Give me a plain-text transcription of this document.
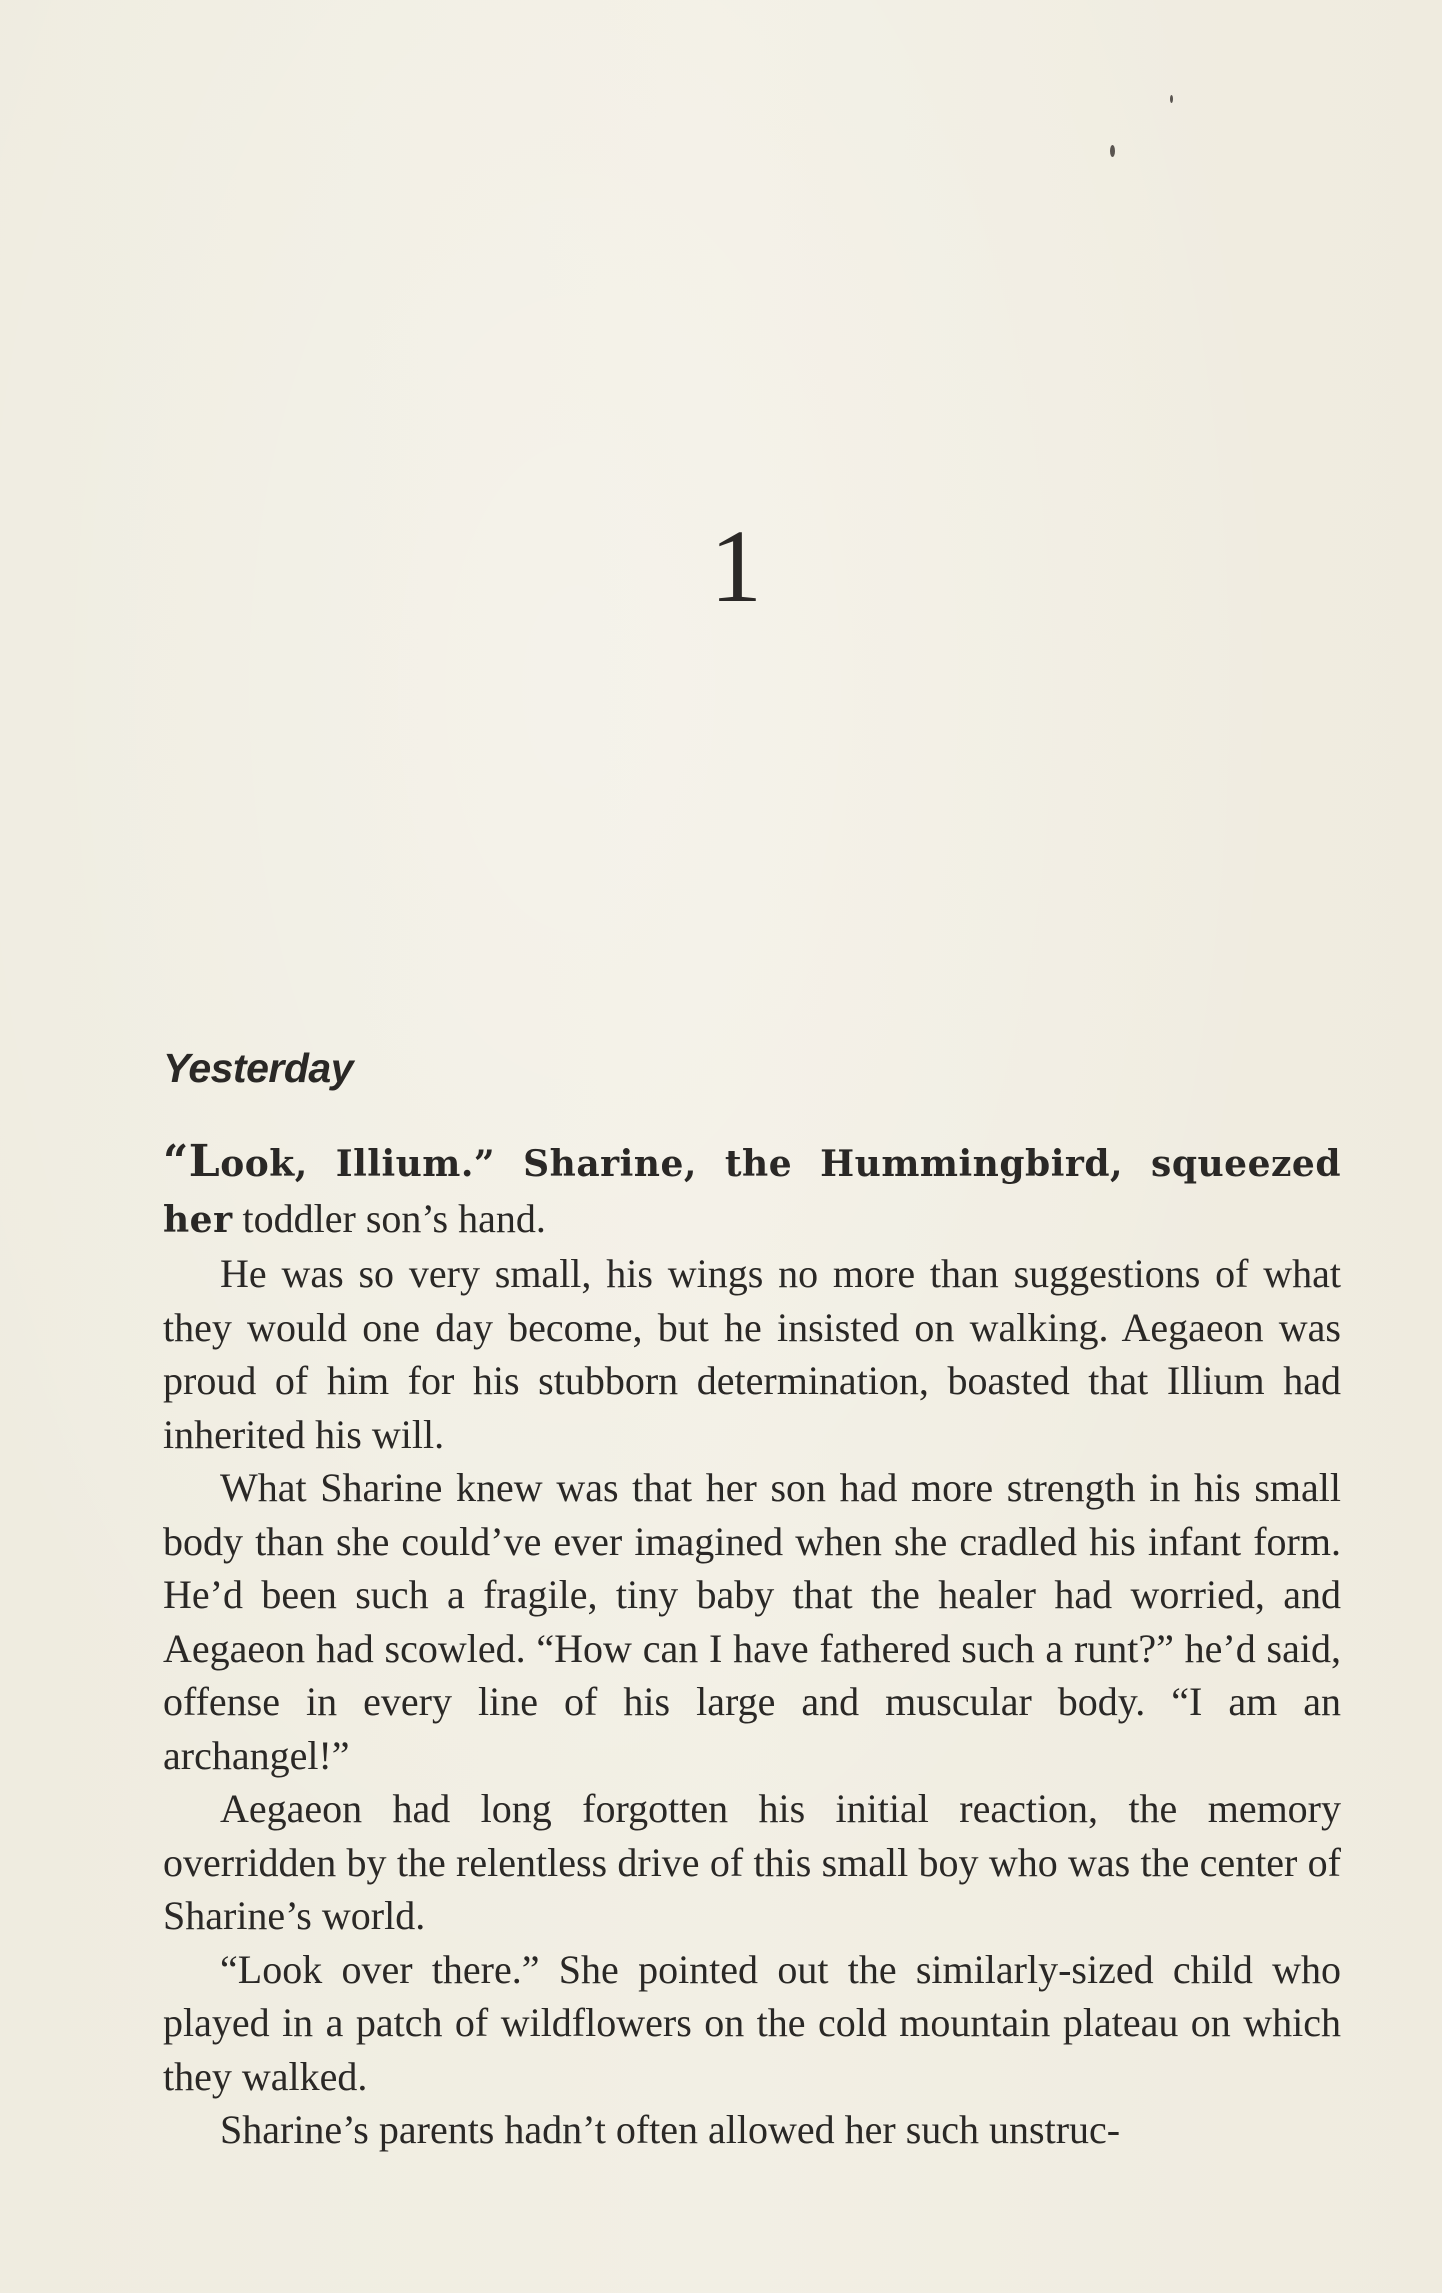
1
Yesterday

“Look, Illium.” Sharine, the Hummingbird, squeezed her toddler son’s hand.

He was so very small, his wings no more than suggestions of what they would one day become, but he insisted on walking. Aegaeon was proud of him for his stubborn determination, boasted that Illium had inherited his will.

What Sharine knew was that her son had more strength in his small body than she could’ve ever imagined when she cradled his infant form. He’d been such a fragile, tiny baby that the healer had worried, and Aegaeon had scowled. “How can I have fathered such a runt?” he’d said, offense in every line of his large and muscular body. “I am an archangel!”

Aegaeon had long forgotten his initial reaction, the memory overridden by the relentless drive of this small boy who was the center of Sharine’s world.

“Look over there.” She pointed out the similarly-sized child who played in a patch of wildflowers on the cold mountain plateau on which they walked.

Sharine’s parents hadn’t often allowed her such unstruc-
